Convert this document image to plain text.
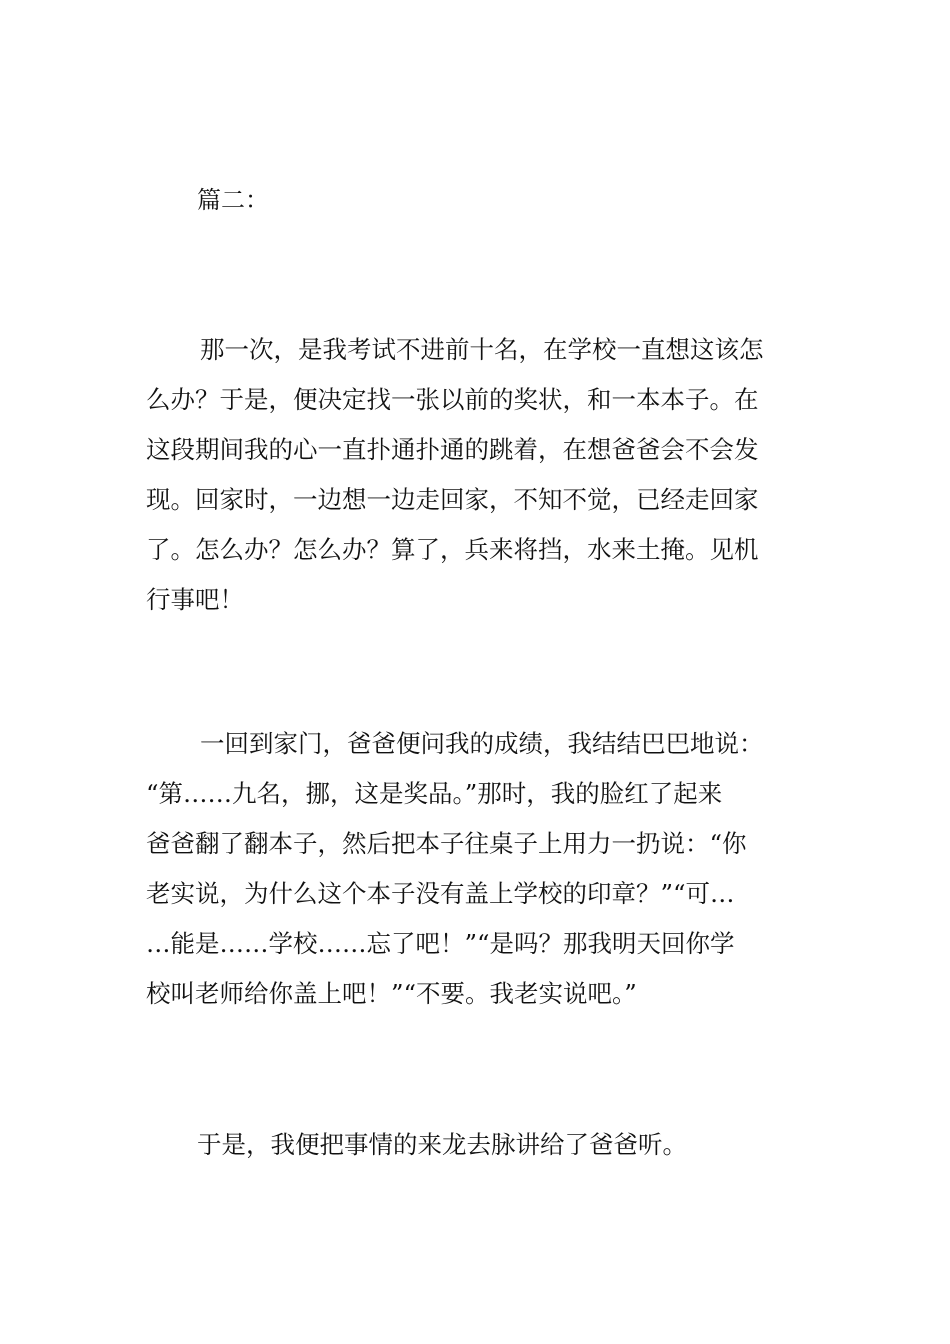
篇二：

那一次，是我考试不进前十名，在学校一直想这该怎
么办？于是，便决定找一张以前的奖状，和一本本子。在
这段期间我的心一直扑通扑通的跳着，在想爸爸会不会发
现。回家时，一边想一边走回家，不知不觉，已经走回家
了。怎么办？怎么办？算了，兵来将挡，水来土掩。见机
行事吧！
一回到家门，爸爸便问我的成绩，我结结巴巴地说：
“第……九名，挪，这是奖品。”那时，我的脸红了起来
爸爸翻了翻本子，然后把本子往桌子上用力一扔说：“你
老实说，为什么这个本子没有盖上学校的印章？”“可…
…能是……学校……忘了吧！”“是吗？那我明天回你学
校叫老师给你盖上吧！”“不要。我老实说吧。”

于是，我便把事情的来龙去脉讲给了爸爸听。
